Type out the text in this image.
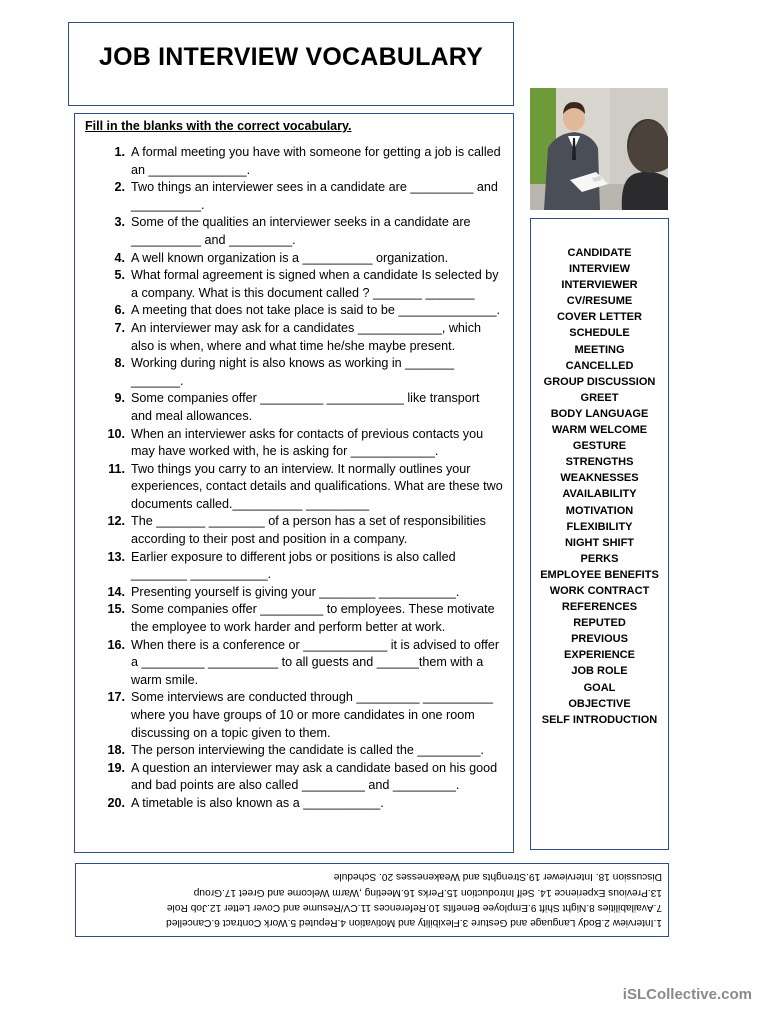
JOB INTERVIEW VOCABULARY
Fill in the blanks with the correct vocabulary.
1. A formal meeting you have with someone for getting a job is called an ______________.
2. Two things an interviewer sees in a candidate are _________ and __________.
3. Some of the qualities an interviewer seeks in a candidate are __________ and _________.
4. A well known organization is a __________ organization.
5. What formal agreement is signed when a candidate Is selected by a company. What is this document called ? _______ _______
6. A meeting that does not take place is said to be ______________.
7. An interviewer may ask for a candidates ____________, which also is when, where and what time he/she maybe present.
8. Working during night is also knows as working in _______ _______.
9. Some companies offer _________ ___________ like transport and meal allowances.
10. When an interviewer asks for contacts of previous contacts you may have worked with, he is asking for ____________.
11. Two things you carry to an interview. It normally outlines your experiences, contact details and qualifications. What are these two documents called.__________ _________
12. The _______ ________ of a person has a set of responsibilities according to their post and position in a company.
13. Earlier exposure to different jobs or positions is also called ________ ___________.
14. Presenting yourself is giving your ________ ___________.
15. Some companies offer _________ to employees. These motivate the employee to work harder and perform better at work.
16. When there is a conference or ____________ it is advised to offer a _________ __________ to all guests and ______them with a warm smile.
17. Some interviews are conducted through _________ __________ where you have groups of 10 or more candidates in one room discussing on a topic given to them.
18. The person interviewing the candidate is called the _________.
19. A question an interviewer may ask a candidate based on his good and bad points are also called _________ and _________.
20. A timetable is also known as a ___________.
CANDIDATE
INTERVIEW
INTERVIEWER
CV/RESUME
COVER LETTER
SCHEDULE
MEETING
CANCELLED
GROUP DISCUSSION
GREET
BODY LANGUAGE
WARM WELCOME
GESTURE
STRENGTHS
WEAKNESSES
AVAILABILITY
MOTIVATION
FLEXIBILITY
NIGHT SHIFT
PERKS
EMPLOYEE BENEFITS
WORK CONTRACT
REFERENCES
REPUTED
PREVIOUS
EXPERIENCE
JOB ROLE
GOAL
OBJECTIVE
SELF INTRODUCTION

1.Interview 2.Body Language and Gesture 3.Flexibility and Motivation 4.Reputed 5.Work Contract 6.Cancelled

7.Availabilities 8.Night Shift 9.Employee Benefits 10.References 11.CV/Resume and Cover Letter 12.Job Role

13.Previous Experience 14. Self Introduction 15.Perks 16.Meeting ,Warm Welcome and Greet 17.Group

Discussion 18. Interviewer 19.Strenghts and Weakenesses 20. Schedule

iSLCollective.com
